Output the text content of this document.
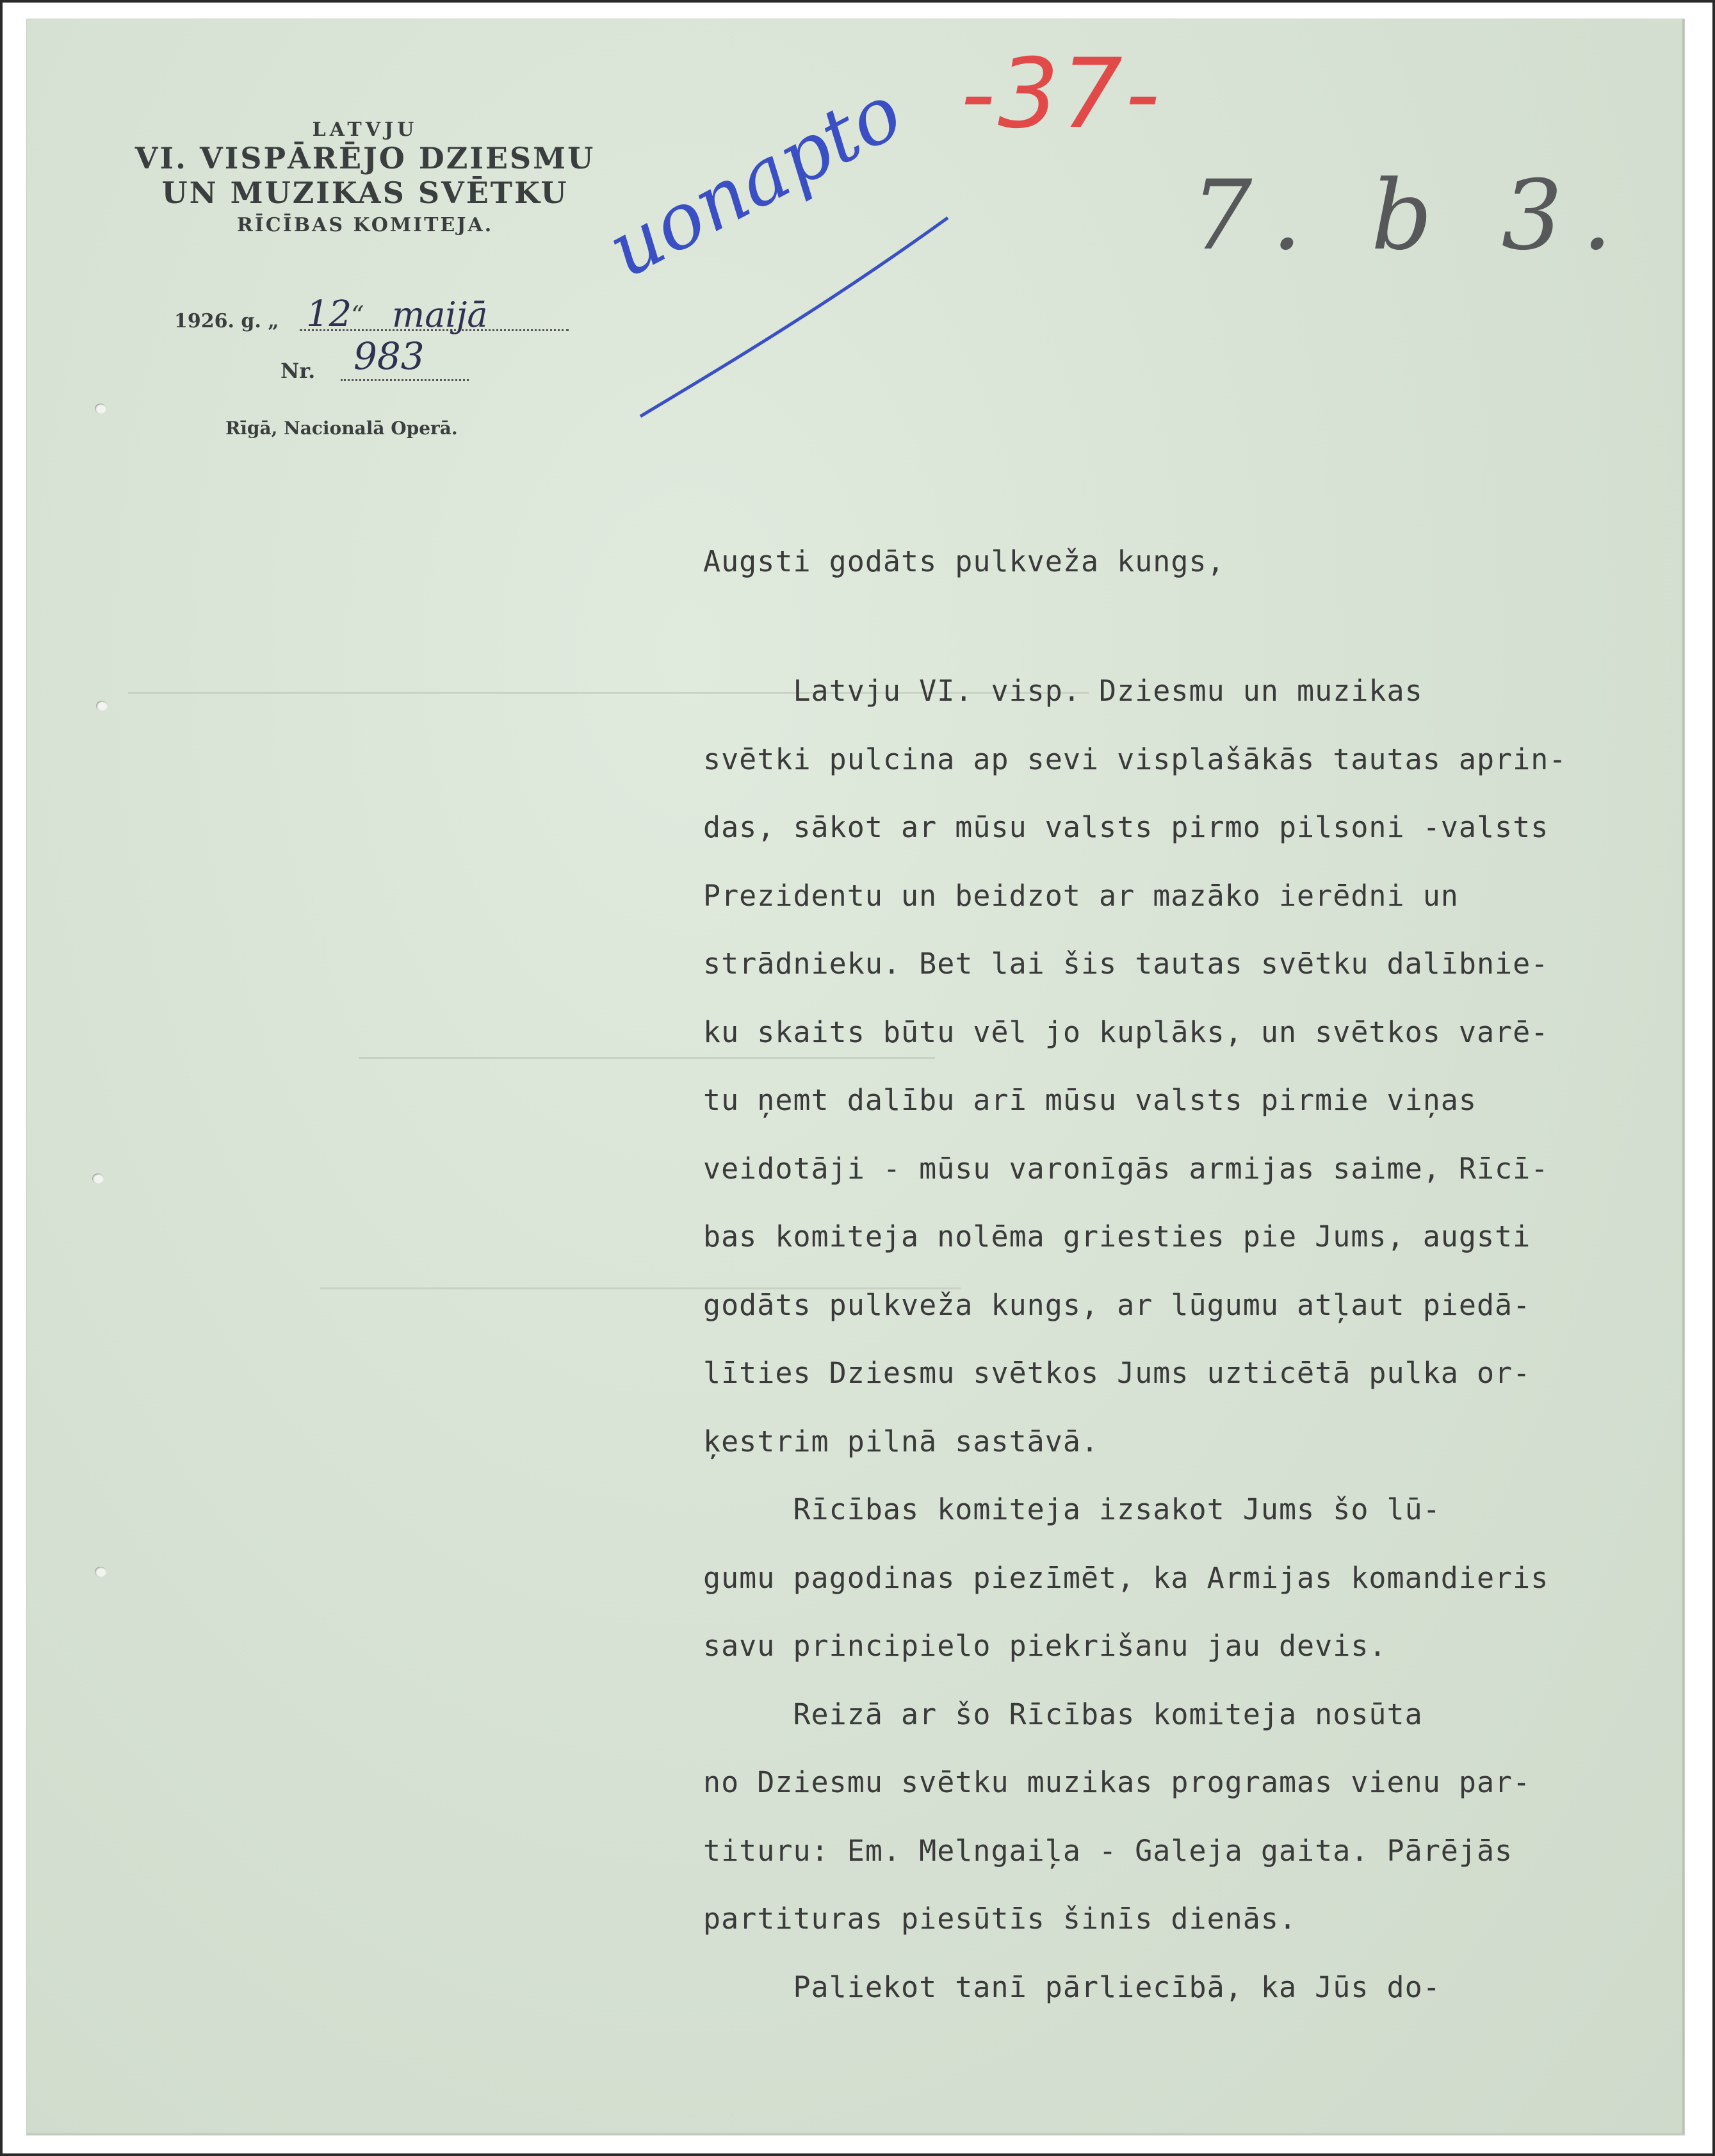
LATVJU
VI. VISPĀRĒJO DZIESMU
UN MUZIKAS SVĒTKU
RĪCĪBAS KOMITEJA.
1926. g. „ 12
“ maijā
Nr. 983
Rīgā, Nacionalā Operā.
-37-
uonapto	7. b 3.
Augsti godāts pulkveža kungs,
Latvju VI. visp. Dziesmu un muzikas
svētki pulcina ap sevi visplašākās tautas aprin-
das, sākot ar mūsu valsts pirmo pilsoni -valsts
Prezidentu un beidzot ar mazāko ierēdni un
strādnieku. Bet lai šis tautas svētku dalībnie-
ku skaits būtu vēl jo kuplāks, un svētkos varē-
tu ņemt dalību arī mūsu valsts pirmie viņas
veidotāji - mūsu varonīgās armijas saime, Rīcī-
bas komiteja nolēma griesties pie Jums, augsti
godāts pulkveža kungs, ar lūgumu atļaut piedā-
līties Dziesmu svētkos Jums uzticētā pulka or-
ķestrim pilnā sastāvā.
Rīcības komiteja izsakot Jums šo lū-
gumu pagodinas piezīmēt, ka Armijas komandieris
savu principielo piekrišanu jau devis.
Reizā ar šo Rīcības komiteja nosūta
no Dziesmu svētku muzikas programas vienu par-
tituru: Em. Melngaiļa - Galeja gaita. Pārējās
partituras piesūtīs šinīs dienās.
Paliekot tanī pārliecībā, ka Jūs do-
